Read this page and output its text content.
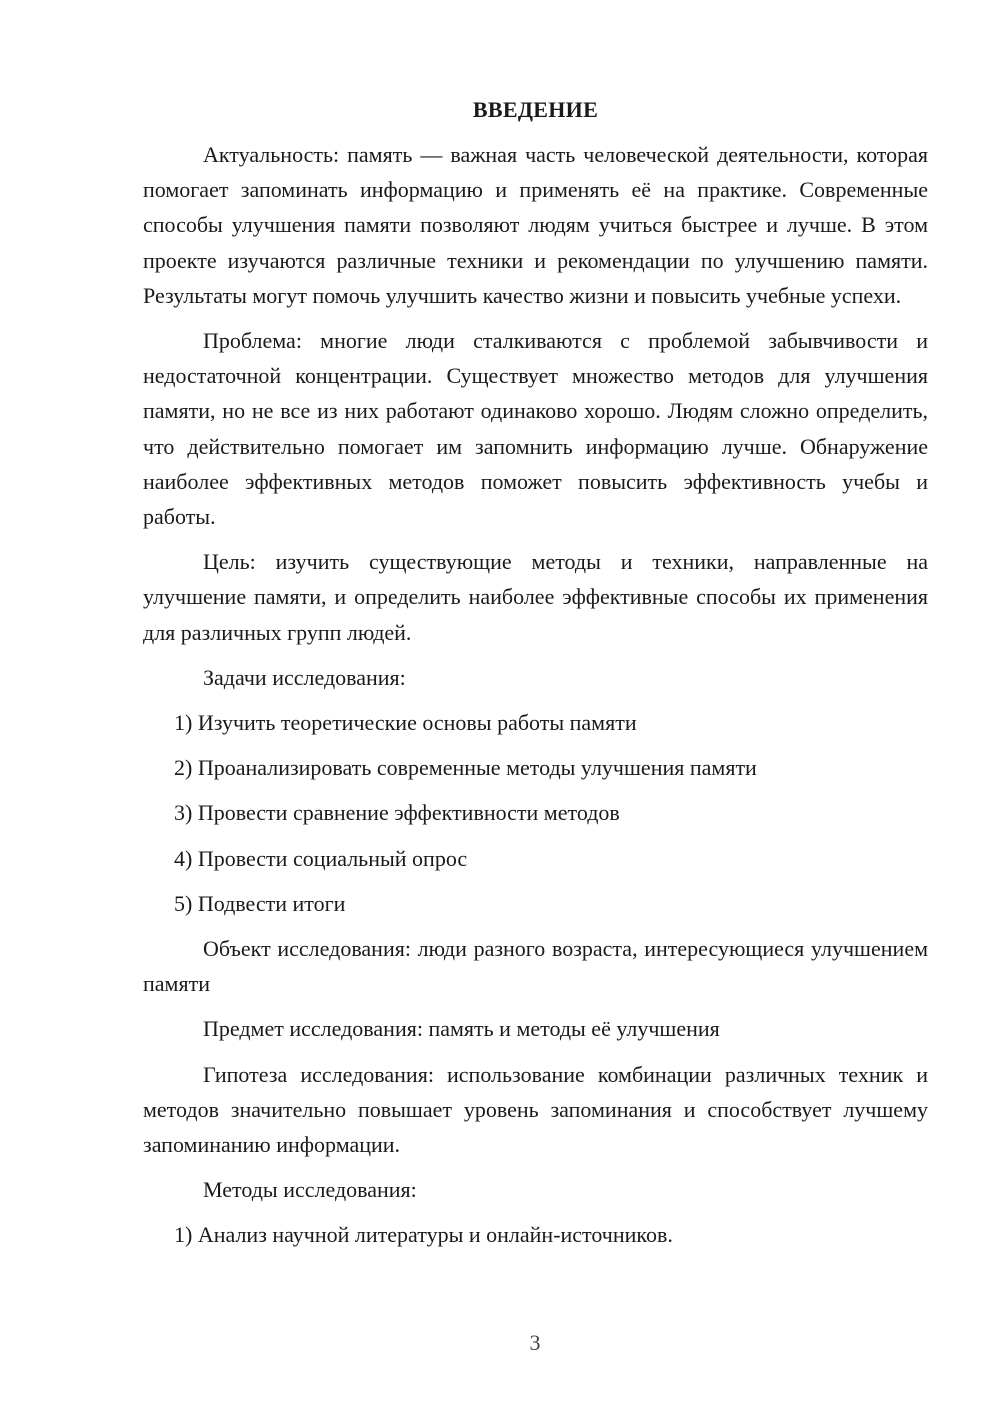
ВВЕДЕНИЕ

Актуальность: память — важная часть человеческой деятельности, которая помогает запоминать информацию и применять её на практике. Современные способы улучшения памяти позволяют людям учиться быстрее и лучше. В этом проекте изучаются различные техники и рекомендации по улучшению памяти. Результаты могут помочь улучшить качество жизни и повысить учебные успехи.

Проблема: многие люди сталкиваются с проблемой забывчивости и недостаточной концентрации. Существует множество методов для улучшения памяти, но не все из них работают одинаково хорошо. Людям сложно определить, что действительно помогает им запомнить информацию лучше. Обнаружение наиболее эффективных методов поможет повысить эффективность учебы и работы.

Цель: изучить существующие методы и техники, направленные на улучшение памяти, и определить наиболее эффективные способы их применения для различных групп людей.

Задачи исследования:

1) Изучить теоретические основы работы памяти
2) Проанализировать современные методы улучшения памяти
3) Провести сравнение эффективности методов
4) Провести социальный опрос
5) Подвести итоги

Объект исследования: люди разного возраста, интересующиеся улучшением памяти

Предмет исследования: память и методы её улучшения

Гипотеза исследования: использование комбинации различных техник и методов значительно повышает уровень запоминания и способствует лучшему запоминанию информации.

Методы исследования:

1) Анализ научной литературы и онлайн-источников.
3
